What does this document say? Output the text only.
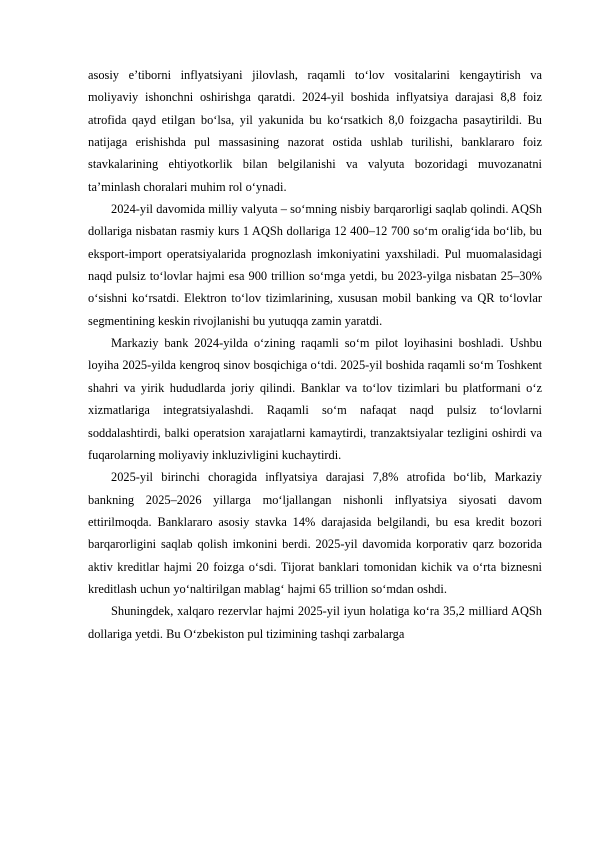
asosiy e’tiborni inflyatsiyani jilovlash, raqamli to‘lov vositalarini kengaytirish va moliyaviy ishonchni oshirishga qaratdi. 2024-yil boshida inflyatsiya darajasi 8,8 foiz atrofida qayd etilgan bo‘lsa, yil yakunida bu ko‘rsatkich 8,0 foizgacha pasaytirildi. Bu natijaga erishishda pul massasining nazorat ostida ushlab turilishi, banklararo foiz stavkalarining ehtiyotkorlik bilan belgilanishi va valyuta bozoridagi muvozanatni ta’minlash choralari muhim rol o‘ynadi.

2024-yil davomida milliy valyuta – so‘mning nisbiy barqarorligi saqlab qolindi. AQSh dollariga nisbatan rasmiy kurs 1 AQSh dollariga 12 400–12 700 so‘m oralig‘ida bo‘lib, bu eksport-import operatsiyalarida prognozlash imkoniyatini yaxshiladi. Pul muomalasidagi naqd pulsiz to‘lovlar hajmi esa 900 trillion so‘mga yetdi, bu 2023-yilga nisbatan 25–30% o‘sishni ko‘rsatdi. Elektron to‘lov tizimlarining, xususan mobil banking va QR to‘lovlar segmentining keskin rivojlanishi bu yutuqqa zamin yaratdi.

Markaziy bank 2024-yilda o‘zining raqamli so‘m pilot loyihasini boshladi. Ushbu loyiha 2025-yilda kengroq sinov bosqichiga o‘tdi. 2025-yil boshida raqamli so‘m Toshkent shahri va yirik hududlarda joriy qilindi. Banklar va to‘lov tizimlari bu platformani o‘z xizmatlariga integratsiyalashdi. Raqamli so‘m nafaqat naqd pulsiz to‘lovlarni soddalashtirdi, balki operatsion xarajatlarni kamaytirdi, tranzaktsiyalar tezligini oshirdi va fuqarolarning moliyaviy inkluzivligini kuchaytirdi.

2025-yil birinchi choragida inflyatsiya darajasi 7,8% atrofida bo‘lib, Markaziy bankning 2025–2026 yillarga mo‘ljallangan nishonli inflyatsiya siyosati davom ettirilmoqda. Banklararo asosiy stavka 14% darajasida belgilandi, bu esa kredit bozori barqarorligini saqlab qolish imkonini berdi. 2025-yil davomida korporativ qarz bozorida aktiv kreditlar hajmi 20 foizga o‘sdi. Tijorat banklari tomonidan kichik va o‘rta biznesni kreditlash uchun yo‘naltirilgan mablag‘ hajmi 65 trillion so‘mdan oshdi.

Shuningdek, xalqaro rezervlar hajmi 2025-yil iyun holatiga ko‘ra 35,2 milliard AQSh dollariga yetdi. Bu O‘zbekiston pul tizimining tashqi zarbalarga
